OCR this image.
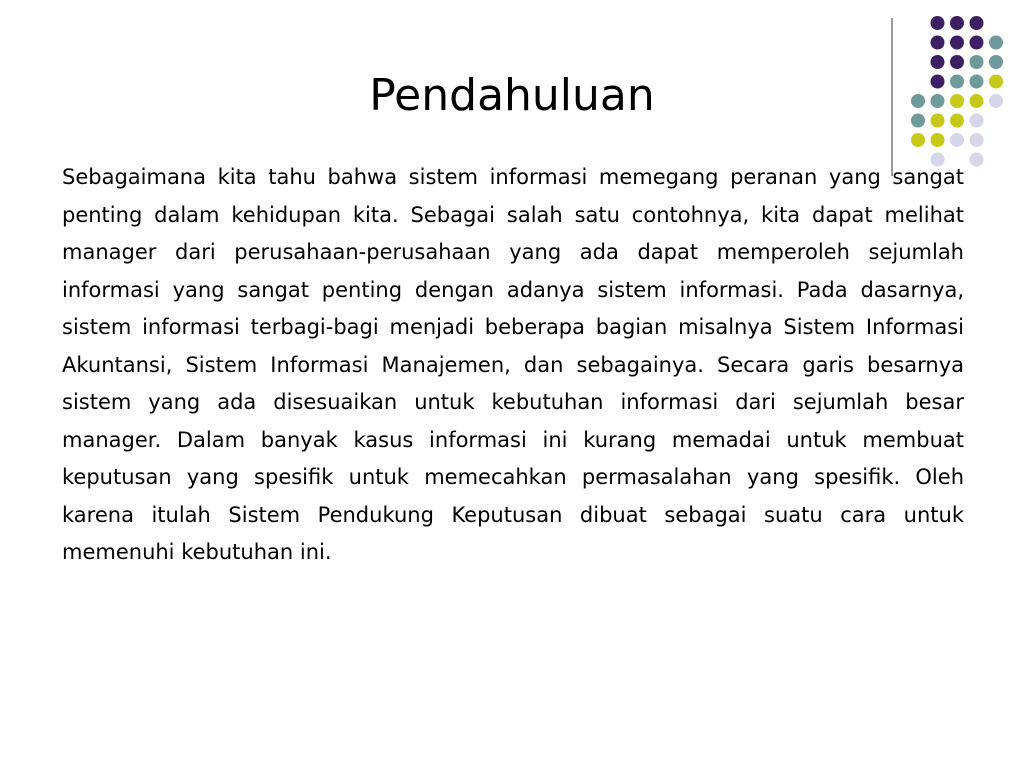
Pendahuluan

Sebagaimana kita tahu bahwa sistem informasi memegang peranan yang sangat penting dalam kehidupan kita. Sebagai salah satu contohnya, kita dapat melihat manager dari perusahaan-perusahaan yang ada dapat memperoleh sejumlah informasi yang sangat penting dengan adanya sistem informasi. Pada dasarnya, sistem informasi terbagi-bagi menjadi beberapa bagian misalnya Sistem Informasi Akuntansi, Sistem Informasi Manajemen, dan sebagainya. Secara garis besarnya sistem yang ada disesuaikan untuk kebutuhan informasi dari sejumlah besar manager. Dalam banyak kasus informasi ini kurang memadai untuk membuat keputusan yang spesifik untuk memecahkan permasalahan yang spesifik. Oleh karena itulah Sistem Pendukung Keputusan dibuat sebagai suatu cara untuk memenuhi kebutuhan ini.
